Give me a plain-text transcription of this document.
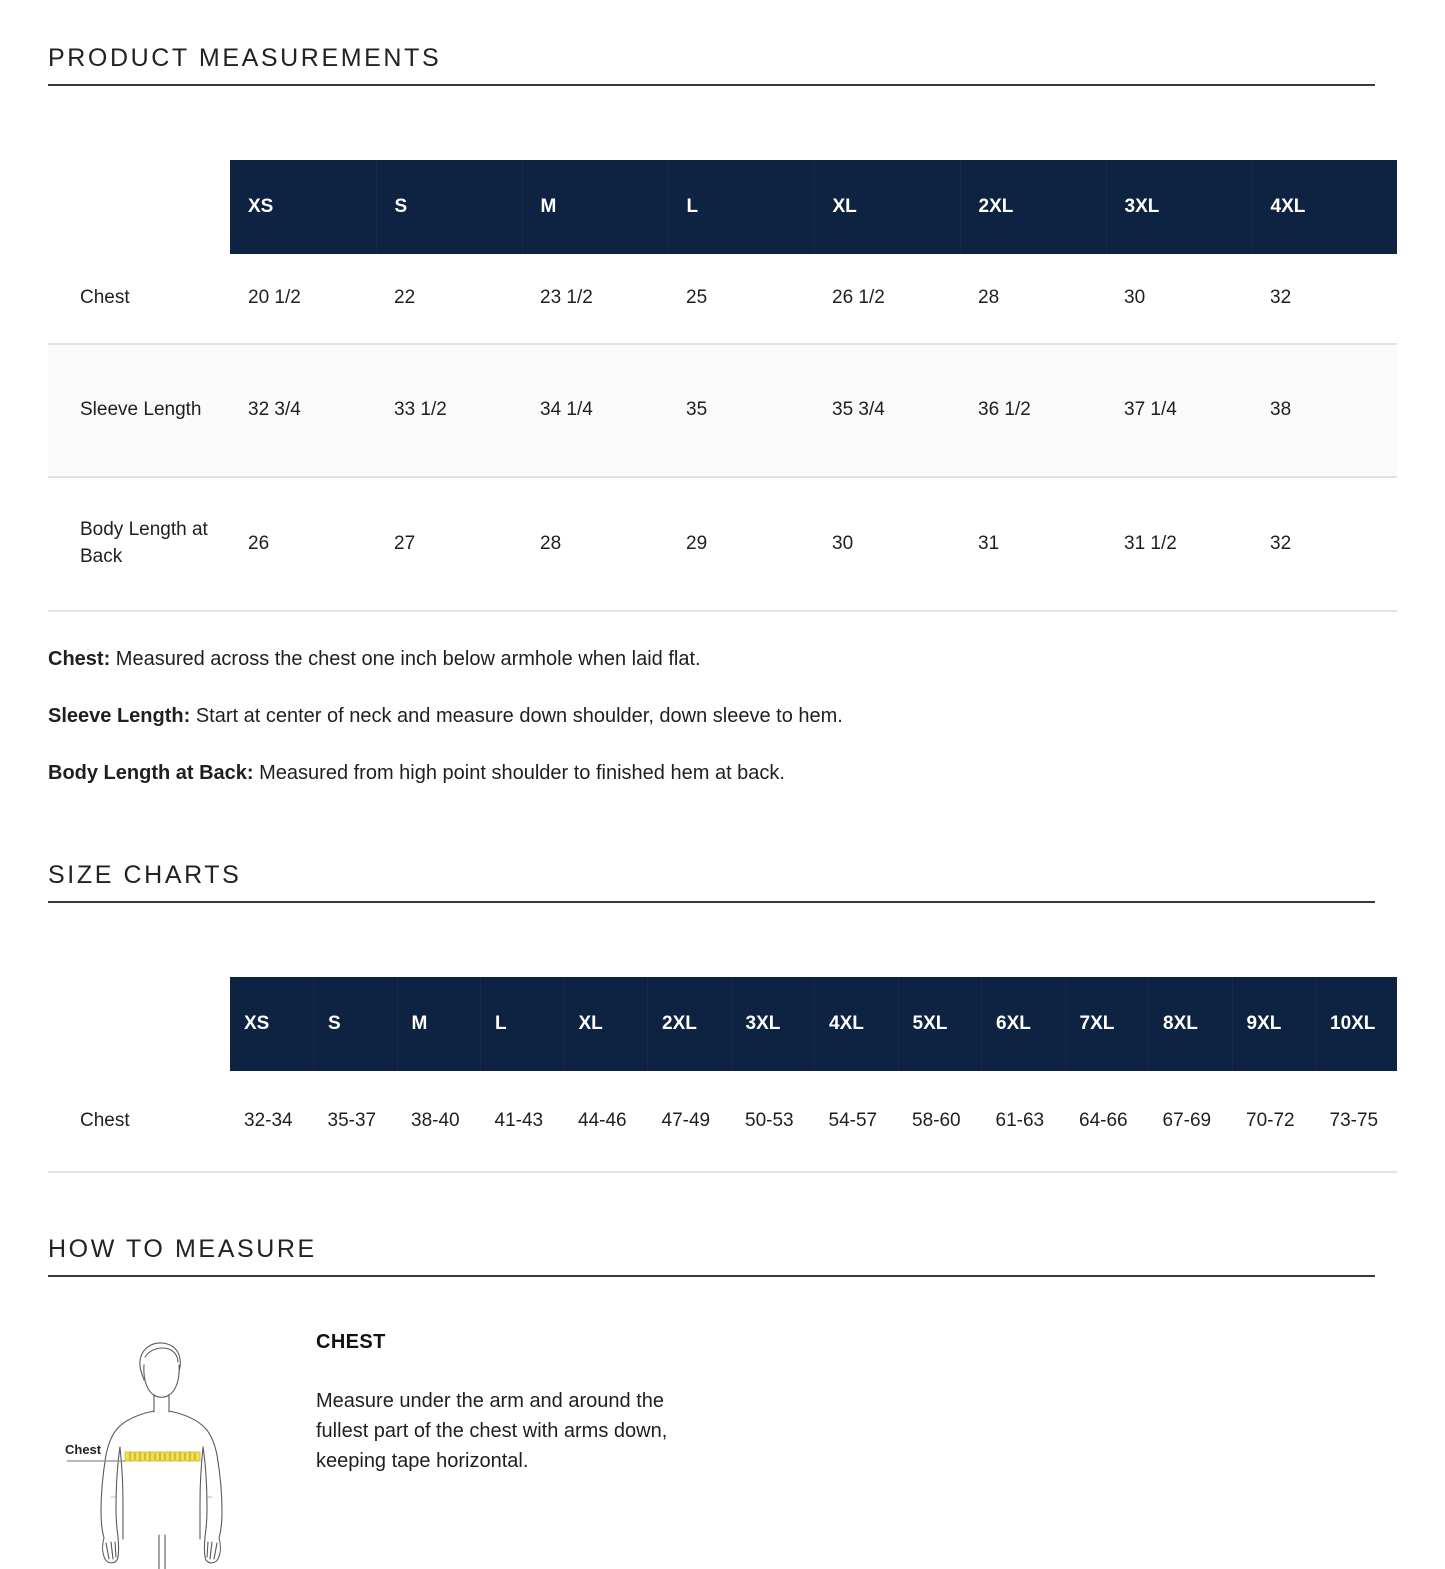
PRODUCT MEASUREMENTS
	XS	S	M	L	XL	2XL	3XL	4XL
Chest	20 1/2	22	23 1/2	25	26 1/2	28	30	32
Sleeve Length	32 3/4	33 1/2	34 1/4	35	35 3/4	36 1/2	37 1/4	38
Body Length at Back	26	27	28	29	30	31	31 1/2	32
Chest: Measured across the chest one inch below armhole when laid flat.
Sleeve Length: Start at center of neck and measure down shoulder, down sleeve to hem.
Body Length at Back: Measured from high point shoulder to finished hem at back.
SIZE CHARTS
	XS	S	M	L	XL	2XL	3XL	4XL	5XL	6XL	7XL	8XL	9XL	10XL
Chest	32-34	35-37	38-40	41-43	44-46	47-49	50-53	54-57	58-60	61-63	64-66	67-69	70-72	73-75
HOW TO MEASURE
Chest
CHEST
Measure under the arm and around the fullest part of the chest with arms down, keeping tape horizontal.
